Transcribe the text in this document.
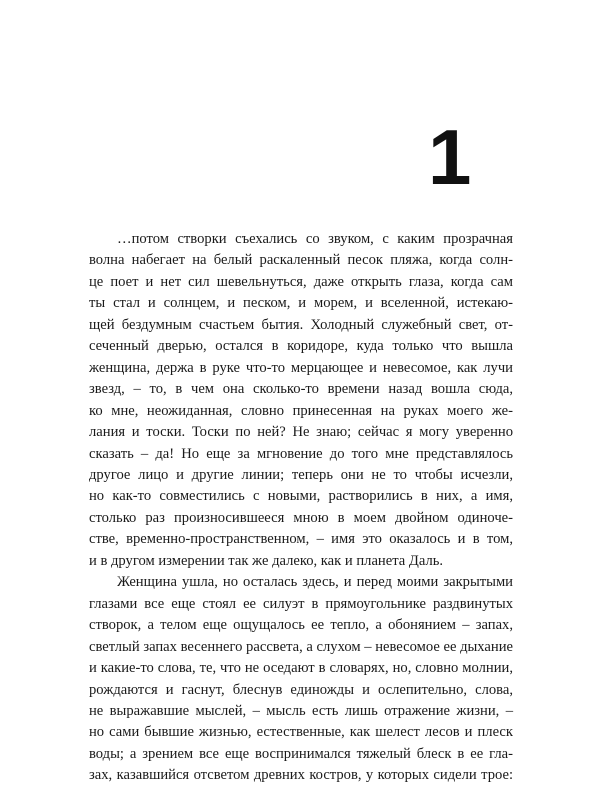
1
…потом створки съехались со звуком, с каким прозрачная
волна набегает на белый раскаленный песок пляжа, когда солн-
це поет и нет сил шевельнуться, даже открыть глаза, когда сам
ты стал и солнцем, и песком, и морем, и вселенной, истекаю-
щей бездумным счастьем бытия. Холодный служебный свет, от-
сеченный дверью, остался в коридоре, куда только что вышла
женщина, держа в руке что-то мерцающее и невесомое, как лучи
звезд, – то, в чем она сколько-то времени назад вошла сюда,
ко мне, неожиданная, словно принесенная на руках моего же-
лания и тоски. Тоски по ней? Не знаю; сейчас я могу уверенно
сказать – да! Но еще за мгновение до того мне представлялось
другое лицо и другие линии; теперь они не то чтобы исчезли,
но как-то совместились с новыми, растворились в них, а имя,
столько раз произносившееся мною в моем двойном одиноче-
стве, временно-пространственном, – имя это оказалось и в том,
и в другом измерении так же далеко, как и планета Даль.
Женщина ушла, но осталась здесь, и перед моими закрытыми
глазами все еще стоял ее силуэт в прямоугольнике раздвинутых
створок, а телом еще ощущалось ее тепло, а обонянием – запах,
светлый запах весеннего рассвета, а слухом – невесомое ее дыхание
и какие-то слова, те, что не оседают в словарях, но, словно молнии,
рождаются и гаснут, блеснув единожды и ослепительно, слова,
не выражавшие мыслей, – мысль есть лишь отражение жизни, –
но сами бывшие жизнью, естественные, как шелест лесов и плеск
воды; а зрением все еще воспринимался тяжелый блеск в ее гла-
зах, казавшийся отсветом древних костров, у которых сидели трое:
